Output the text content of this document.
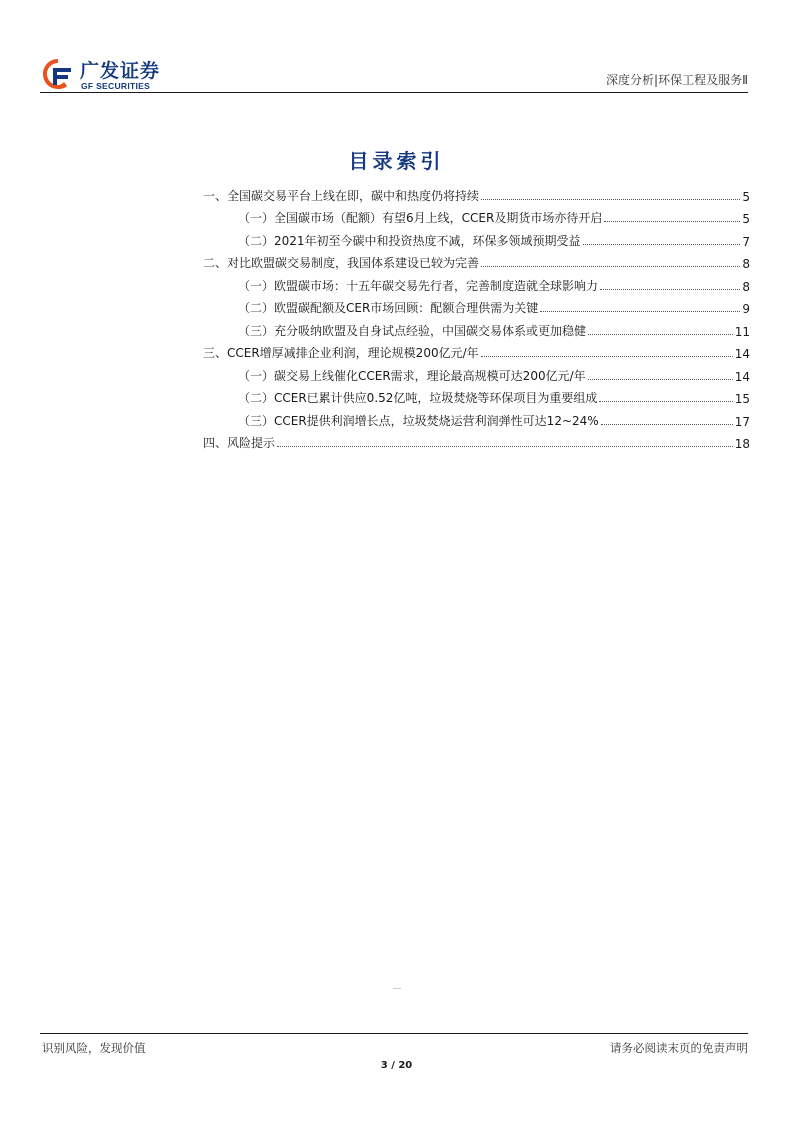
广发证券
GF SECURITIES	深度分析|环保工程及服务Ⅱ
目录索引
一、全国碳交易平台上线在即，碳中和热度仍将持续	5
（一）全国碳市场（配额）有望6月上线，CCER及期货市场亦待开启	5
（二）2021年初至今碳中和投资热度不减，环保多领域预期受益	7
二、对比欧盟碳交易制度，我国体系建设已较为完善	8
（一）欧盟碳市场：十五年碳交易先行者，完善制度造就全球影响力	8
（二）欧盟碳配额及CER市场回顾：配额合理供需为关键	9
（三）充分吸纳欧盟及自身试点经验，中国碳交易体系或更加稳健	11
三、CCER增厚减排企业利润，理论规模200亿元/年	14
（一）碳交易上线催化CCER需求，理论最高规模可达200亿元/年	14
（二）CCER已累计供应0.52亿吨，垃圾焚烧等环保项目为重要组成	15
（三）CCER提供利润增长点，垃圾焚烧运营利润弹性可达12~24%	17
四、风险提示	18
识别风险，发现价值	请务必阅读末页的免责声明
3 / 20
